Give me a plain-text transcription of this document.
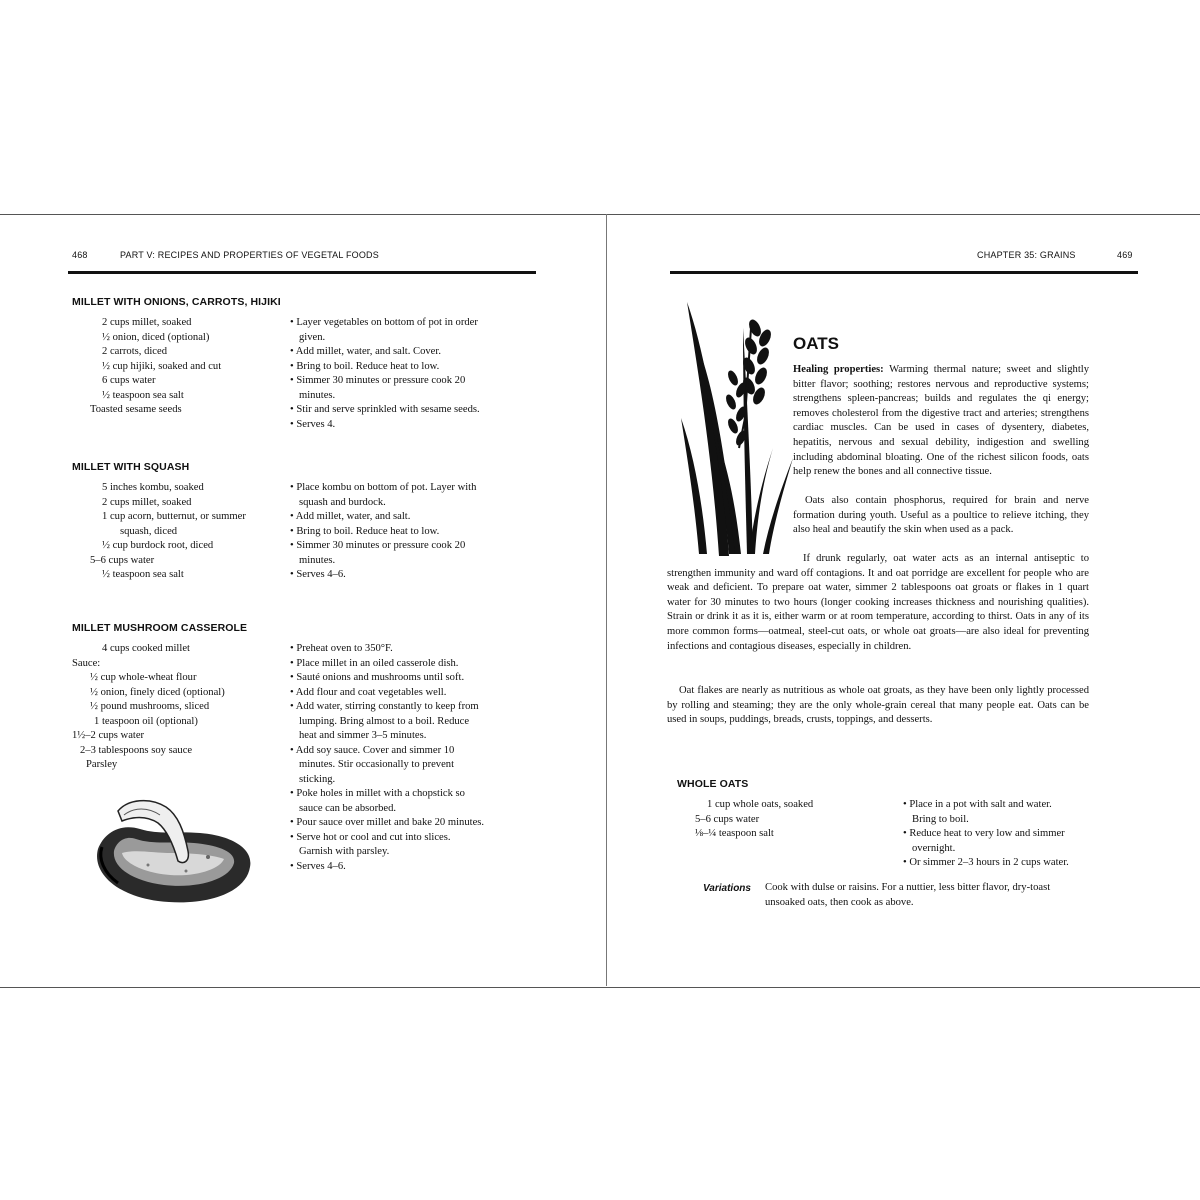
468	PART V: RECIPES AND PROPERTIES OF VEGETAL FOODS
MILLET WITH ONIONS, CARROTS, HIJIKI
2 cups millet, soaked
½ onion, diced (optional)
2 carrots, diced
½ cup hijiki, soaked and cut
6 cups water
½ teaspoon sea salt
Toasted sesame seeds
• Layer vegetables on bottom of pot in order
given.
• Add millet, water, and salt. Cover.
• Bring to boil. Reduce heat to low.
• Simmer 30 minutes or pressure cook 20
minutes.
• Stir and serve sprinkled with sesame seeds.
• Serves 4.
MILLET WITH SQUASH
5 inches kombu, soaked
2 cups millet, soaked
1 cup acorn, butternut, or summer
squash, diced
½ cup burdock root, diced
5–6 cups water
½ teaspoon sea salt
• Place kombu on bottom of pot. Layer with
squash and burdock.
• Add millet, water, and salt.
• Bring to boil. Reduce heat to low.
• Simmer 30 minutes or pressure cook 20
minutes.
• Serves 4–6.
MILLET MUSHROOM CASSEROLE
4 cups cooked millet
Sauce:
½ cup whole-wheat flour
½ onion, finely diced (optional)
½ pound mushrooms, sliced
1 teaspoon oil (optional)
1½–2 cups water
2–3 tablespoons soy sauce
Parsley
• Preheat oven to 350°F.
• Place millet in an oiled casserole dish.
• Sauté onions and mushrooms until soft.
• Add flour and coat vegetables well.
• Add water, stirring constantly to keep from
lumping. Bring almost to a boil. Reduce
heat and simmer 3–5 minutes.
• Add soy sauce. Cover and simmer 10
minutes. Stir occasionally to prevent
sticking.
• Poke holes in millet with a chopstick so
sauce can be absorbed.
• Pour sauce over millet and bake 20 minutes.
• Serve hot or cool and cut into slices.
Garnish with parsley.
• Serves 4–6.
CHAPTER 35: GRAINS	469
OATS

Healing properties: Warming thermal nature; sweet and slightly bitter flavor; soothing; restores nervous and reproductive systems; strengthens spleen-pancreas; builds and regulates the qi energy; removes cholesterol from the digestive tract and arteries; strengthens cardiac muscles. Can be used in cases of dysentery, diabetes, hepatitis, nervous and sexual debility, indigestion and swelling including abdominal bloating. One of the richest silicon foods, oats help renew the bones and all connective tissue.

Oats also contain phosphorus, required for brain and nerve formation during youth. Useful as a poultice to relieve itching, they also heal and beautify the skin when used as a pack.

If drunk regularly, oat water acts as an internal antiseptic to strengthen immunity and ward off contagions. It and oat porridge are excellent for people who are weak and deficient. To prepare oat water, simmer 2 tablespoons oat groats or flakes in 1 quart water for 30 minutes to two hours (longer cooking increases thickness and nourishing qualities). Strain or drink it as it is, either warm or at room temperature, according to thirst. Oats in any of its more common forms—oatmeal, steel-cut oats, or whole oat groats—are also ideal for preventing infections and contagious diseases, especially in children.

Oat flakes are nearly as nutritious as whole oat groats, as they have been only lightly processed by rolling and steaming; they are the only whole-grain cereal that many people eat. Oats can be used in soups, puddings, breads, crusts, toppings, and desserts.

WHOLE OATS
1 cup whole oats, soaked
5–6 cups water
⅛–¼ teaspoon salt
• Place in a pot with salt and water.
Bring to boil.
• Reduce heat to very low and simmer
overnight.
• Or simmer 2–3 hours in 2 cups water.
Variations Cook with dulse or raisins. For a nuttier, less bitter flavor, dry-toast
unsoaked oats, then cook as above.
